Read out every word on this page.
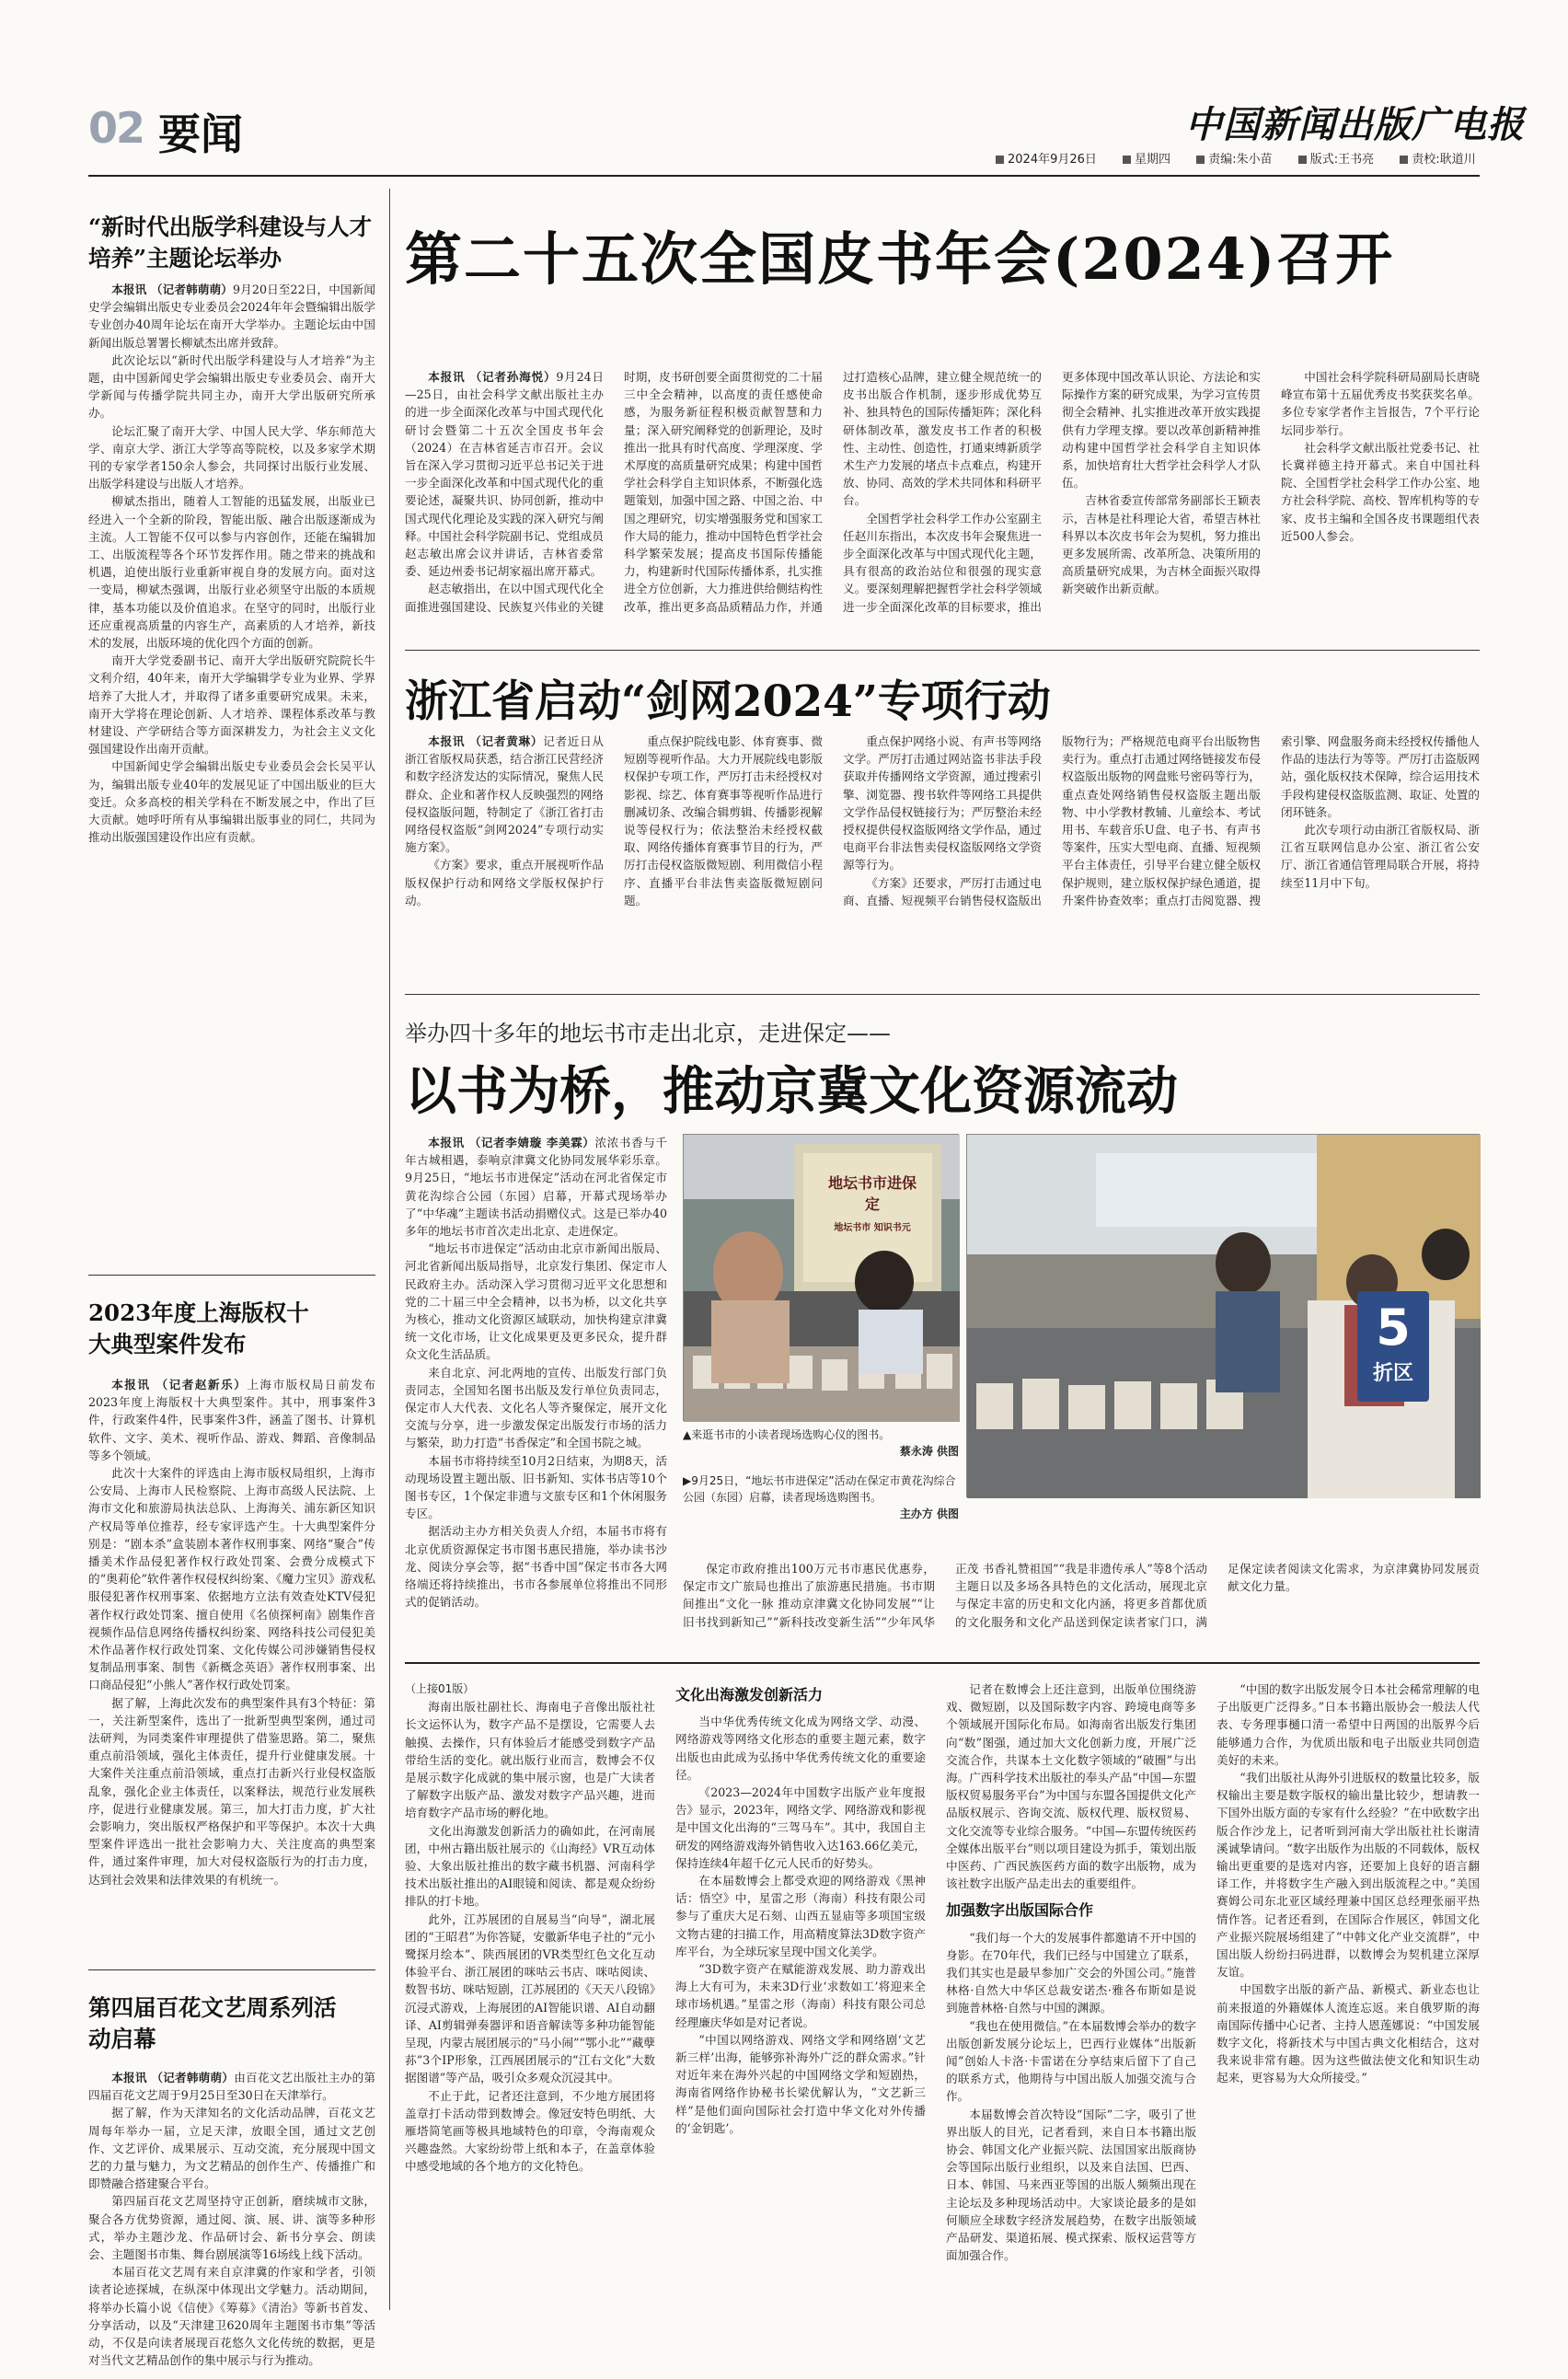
02 要闻	中国新闻出版广电报
2024年9月26日	星期四	责编:朱小苗	版式:王书亮	责校:耿道川
“新时代出版学科建设与人才培养”主题论坛举办

本报讯 （记者韩萌萌）9月20日至22日，中国新闻史学会编辑出版史专业委员会2024年年会暨编辑出版学专业创办40周年论坛在南开大学举办。主题论坛由中国新闻出版总署署长柳斌杰出席并致辞。

此次论坛以“新时代出版学科建设与人才培养”为主题，由中国新闻史学会编辑出版史专业委员会、南开大学新闻与传播学院共同主办，南开大学出版研究所承办。

论坛汇聚了南开大学、中国人民大学、华东师范大学、南京大学、浙江大学等高等院校，以及多家学术期刊的专家学者150余人参会，共同探讨出版行业发展、出版学科建设与出版人才培养。

柳斌杰指出，随着人工智能的迅猛发展，出版业已经进入一个全新的阶段，智能出版、融合出版逐渐成为主流。人工智能不仅可以参与内容创作，还能在编辑加工、出版流程等各个环节发挥作用。随之带来的挑战和机遇，迫使出版行业重新审视自身的发展方向。面对这一变局，柳斌杰强调，出版行业必须坚守出版的本质规律，基本功能以及价值追求。在坚守的同时，出版行业还应重视高质量的内容生产，高素质的人才培养，新技术的发展，出版环境的优化四个方面的创新。

南开大学党委副书记、南开大学出版研究院院长牛文利介绍，40年来，南开大学编辑学专业为业界、学界培养了大批人才，并取得了诸多重要研究成果。未来，南开大学将在理论创新、人才培养、课程体系改革与教材建设、产学研结合等方面深耕发力，为社会主义文化强国建设作出南开贡献。

中国新闻史学会编辑出版史专业委员会会长吴平认为，编辑出版专业40年的发展见证了中国出版业的巨大变迁。众多高校的相关学科在不断发展之中，作出了巨大贡献。她呼吁所有从事编辑出版事业的同仁，共同为推动出版强国建设作出应有贡献。

2023年度上海版权十大典型案件发布

本报讯 （记者赵新乐）上海市版权局日前发布2023年度上海版权十大典型案件。其中，刑事案件3件，行政案件4件，民事案件3件，涵盖了图书、计算机软件、文字、美术、视听作品、游戏、舞蹈、音像制品等多个领域。

此次十大案件的评选由上海市版权局组织，上海市公安局、上海市人民检察院、上海市高级人民法院、上海市文化和旅游局执法总队、上海海关、浦东新区知识产权局等单位推荐，经专家评选产生。十大典型案件分别是：“剧本杀”盒装剧本著作权刑事案、网络“聚合”传播美术作品侵犯著作权行政处罚案、会费分成模式下的“奥莉伦”软件著作权侵权纠纷案、《魔力宝贝》游戏私服侵犯著作权刑事案、依据地方立法有效查处KTV侵犯著作权行政处罚案、擅自使用《名侦探柯南》剧集作音视频作品信息网络传播权纠纷案、网络科技公司侵犯美术作品著作权行政处罚案、文化传媒公司涉嫌销售侵权复制品刑事案、制售《新概念英语》著作权刑事案、出口商品侵犯“小熊人”著作权行政处罚案。

据了解，上海此次发布的典型案件具有3个特征：第一，关注新型案件，选出了一批新型典型案例，通过司法研判，为同类案件审理提供了借鉴思路。第二，聚焦重点前沿领域，强化主体责任，提升行业健康发展。十大案件关注重点前沿领域，重点打击新兴行业侵权盗版乱象，强化企业主体责任，以案释法，规范行业发展秩序，促进行业健康发展。第三，加大打击力度，扩大社会影响力，突出版权严格保护和平等保护。本次十大典型案件评选出一批社会影响力大、关注度高的典型案件，通过案件审理，加大对侵权盗版行为的打击力度，达到社会效果和法律效果的有机统一。

第四届百花文艺周系列活动启幕

本报讯 （记者韩萌萌）由百花文艺出版社主办的第四届百花文艺周于9月25日至30日在天津举行。

据了解，作为天津知名的文化活动品牌，百花文艺周每年举办一届，立足天津，放眼全国，通过文艺创作、文艺评价、成果展示、互动交流，充分展现中国文艺的力量与魅力，为文艺精品的创作生产、传播推广和即赞融合搭建聚合平台。

第四届百花文艺周坚持守正创新，磨续城市文脉，聚合各方优势资源，通过阅、演、展、讲、演等多种形式，举办主题沙龙、作品研讨会、新书分享会、朗读会、主题图书市集、舞台剧展演等16场线上线下活动。

本届百花文艺周有来自京津冀的作家和学者，引领读者论迹探城，在纵深中体现出文学魅力。活动期间，将举办长篇小说《信使》《筹募》《清治》等新书首发、分享活动，以及“天津建卫620周年主题图书市集”等活动，不仅是向读者展现百花悠久文化传统的数据，更是对当代文艺精品创作的集中展示与行为推动。

第二十五次全国皮书年会(2024)召开

本报讯 （记者孙海悦）9月24日—25日，由社会科学文献出版社主办的进一步全面深化改革与中国式现代化研讨会暨第二十五次全国皮书年会（2024）在吉林省延吉市召开。会议旨在深入学习贯彻习近平总书记关于进一步全面深化改革和中国式现代化的重要论述，凝聚共识、协同创新，推动中国式现代化理论及实践的深入研究与阐释。中国社会科学院副书记、党组成员赵志敏出席会议并讲话，吉林省委常委、延边州委书记胡家福出席开幕式。

赵志敏指出，在以中国式现代化全面推进强国建设、民族复兴伟业的关键时期，皮书研创要全面贯彻党的二十届三中全会精神，以高度的责任感使命感，为服务新征程积极贡献智慧和力量；深入研究阐释党的创新理论，及时推出一批具有时代高度、学理深度、学术厚度的高质量研究成果；构建中国哲学社会科学自主知识体系，不断强化选题策划，加强中国之路、中国之治、中国之理研究，切实增强服务党和国家工作大局的能力，推动中国特色哲学社会科学繁荣发展；提高皮书国际传播能力，构建新时代国际传播体系，扎实推进全方位创新，大力推进供给侧结构性改革，推出更多高品质精品力作，并通过打造核心品牌，建立健全规范统一的皮书出版合作机制，逐步形成优势互补、独具特色的国际传播矩阵；深化科研体制改革，激发皮书工作者的积极性、主动性、创造性，打通束缚新质学术生产力发展的堵点卡点难点，构建开放、协同、高效的学术共同体和科研平台。

全国哲学社会科学工作办公室副主任赵川东指出，本次皮书年会聚焦进一步全面深化改革与中国式现代化主题，具有很高的政治站位和很强的现实意义。要深刻理解把握哲学社会科学领域进一步全面深化改革的目标要求，推出更多体现中国改革认识论、方法论和实际操作方案的研究成果，为学习宣传贯彻全会精神、扎实推进改革开放实践提供有力学理支撑。要以改革创新精神推动构建中国哲学社会科学自主知识体系，加快培育壮大哲学社会科学人才队伍。

吉林省委宣传部常务副部长王颖表示，吉林是社科理论大省，希望吉林社科界以本次皮书年会为契机，努力推出更多发展所需、改革所急、决策所用的高质量研究成果，为吉林全面振兴取得新突破作出新贡献。

中国社会科学院科研局副局长唐晓峰宣布第十五届优秀皮书奖获奖名单。多位专家学者作主旨报告，7个平行论坛同步举行。

社会科学文献出版社党委书记、社长冀祥德主持开幕式。来自中国社科院、全国哲学社会科学工作办公室、地方社会科学院、高校、智库机构等的专家、皮书主编和全国各皮书课题组代表近500人参会。

浙江省启动“剑网2024”专项行动

本报讯 （记者黄琳）记者近日从浙江省版权局获悉，结合浙江民营经济和数字经济发达的实际情况，聚焦人民群众、企业和著作权人反映强烈的网络侵权盗版问题，特制定了《浙江省打击网络侵权盗版“剑网2024”专项行动实施方案》。

《方案》要求，重点开展视听作品版权保护行动和网络文学版权保护行动。

重点保护院线电影、体育赛事、微短剧等视听作品。大力开展院线电影版权保护专项工作，严厉打击未经授权对影视、综艺、体育赛事等视听作品进行删减切条、改编合辑剪辑、传播影视解说等侵权行为；依法整治未经授权截取、网络传播体育赛事节目的行为，严厉打击侵权盗版微短剧、利用微信小程序、直播平台非法售卖盗版微短剧问题。

重点保护网络小说、有声书等网络文学。严厉打击通过网站盗书非法手段获取并传播网络文学资源，通过搜索引擎、浏览器、搜书软件等网络工具提供文学作品侵权链接行为；严厉整治未经授权提供侵权盗版网络文学作品，通过电商平台非法售卖侵权盗版网络文学资源等行为。

《方案》还要求，严厉打击通过电商、直播、短视频平台销售侵权盗版出版物行为；严格规范电商平台出版物售卖行为。重点打击通过网络链接发布侵权盗版出版物的网盘账号密码等行为，重点查处网络销售侵权盗版主题出版物、中小学教材教辅、儿童绘本、考试用书、车载音乐U盘、电子书、有声书等案件，压实大型电商、直播、短视频平台主体责任，引导平台建立健全版权保护规则，建立版权保护绿色通道，提升案件协查效率；重点打击阅览器、搜索引擎、网盘服务商未经授权传播他人作品的违法行为等等。严厉打击盗版网站，强化版权技术保障，综合运用技术手段构建侵权盗版监测、取证、处置的闭环链条。

此次专项行动由浙江省版权局、浙江省互联网信息办公室、浙江省公安厅、浙江省通信管理局联合开展，将持续至11月中下旬。

举办四十多年的地坛书市走出北京，走进保定——
以书为桥，推动京冀文化资源流动

本报讯 （记者李婧璇 李美霖）浓浓书香与千年古城相遇，泰响京津冀文化协同发展华彩乐章。9月25日，“地坛书市进保定”活动在河北省保定市黄花沟综合公园（东园）启幕，开幕式现场举办了“中华魂”主题读书活动捐赠仪式。这是已举办40多年的地坛书市首次走出北京、走进保定。

“地坛书市进保定”活动由北京市新闻出版局、河北省新闻出版局指导，北京发行集团、保定市人民政府主办。活动深入学习贯彻习近平文化思想和党的二十届三中全会精神，以书为桥，以文化共享为核心，推动文化资源区域联动，加快构建京津冀统一文化市场，让文化成果更及更多民众，提升群众文化生活品质。

来自北京、河北两地的宣传、出版发行部门负责同志，全国知名图书出版及发行单位负责同志，保定市人大代表、文化名人等齐聚保定，展开文化交流与分享，进一步激发保定出版发行市场的活力与繁荣，助力打造“书香保定”和全国书院之城。

本届书市将持续至10月2日结束，为期8天，活动现场设置主题出版、旧书新知、实体书店等10个图书专区，1个保定非遗与文旅专区和1个休闲服务专区。

据活动主办方相关负责人介绍，本届书市将有北京优质资源保定书市图书惠民措施，举办读书沙龙、阅读分享会等，据“书香中国”保定书市各大网络端还将持续推出，书市各参展单位将推出不同形式的促销活动。

地坛书市进保定
地坛书市 知识书元
5
折区
▲来逛书市的小读者现场选购心仪的图书。
蔡永涛 供图
▶9月25日，“地坛书市进保定”活动在保定市黄花沟综合公园（东园）启幕，读者现场选购图书。
主办方 供图

保定市政府推出100万元书市惠民优惠券，保定市文广旅局也推出了旅游惠民措施。书市期间推出“文化一脉 推动京津冀文化协同发展”“让旧书找到新知己”“新科技改变新生活”“少年风华正茂 书香礼赞祖国”“我是非遗传承人”等8个活动主题日以及多场各具特色的文化活动，展现北京与保定丰富的历史和文化内涵，将更多首都优质的文化服务和文化产品送到保定读者家门口，满足保定读者阅读文化需求，为京津冀协同发展贡献文化力量。

（上接01版）

海南出版社副社长、海南电子音像出版社社长文运怀认为，数字产品不是摆设，它需要人去触摸、去操作，只有体验后才能感受到数字产品带给生活的变化。就出版行业而言，数博会不仅是展示数字化成就的集中展示窗，也是广大读者了解数字出版产品、激发对数字产品兴趣，进而培育数字产品市场的孵化地。

文化出海激发创新活力的确如此，在河南展团，中州古籍出版社展示的《山海经》VR互动体验、大象出版社推出的数字藏书机器、河南科学技术出版社推出的AI眼镜和阅读、都是观众纷纷排队的打卡地。

此外，江苏展团的自展易当“向导”，湖北展团的“王昭君”为你答疑，安徽新华电子社的“元小鹭探月绘本”、陕西展团的VR类型红色文化互动体验平台、浙江展团的咪咕云书店、咪咕阅读、数智书坊、咪咕短剧，江苏展团的《天天八段锦》沉浸式游戏，上海展团的AI智能识谱、AI自动翻译、AI剪辑弹奏器评和语音解读等多种功能智能呈现，内蒙古展团展示的“马小闹”“鄂小北”“藏孽荪”3个IP形象，江西展团展示的“江右文化”大数据图谱”等产品，吸引众多观众沉浸其中。

不止于此，记者还注意到，不少地方展团将盖章打卡活动带到数博会。像冠安特色明纸、大雁塔简笔画等极具地域特色的印章，令海南观众兴趣盎然。大家纷纷带上纸和本子，在盖章体验中感受地域的各个地方的文化特色。

文化出海激发创新活力

当中华优秀传统文化成为网络文学、动漫、网络游戏等网络文化形态的重要主题元素，数字出版也由此成为弘扬中华优秀传统文化的重要途径。

《2023—2024年中国数字出版产业年度报告》显示，2023年，网络文学、网络游戏和影视是中国文化出海的“三驾马车”。其中，我国自主研发的网络游戏海外销售收入达163.66亿美元，保持连续4年超千亿元人民币的好势头。

在本届数博会上都受欢迎的网络游戏《黑神话：悟空》中，星雷之形（海南）科技有限公司参与了重庆大足石刻、山西五显庙等多项国宝级文物古建的扫描工作，用高精度算法3D数字资产库平台，为全球玩家呈现中国文化美学。

“3D数字资产在赋能游戏发展、助力游戏出海上大有可为，未来3D行业‘求数如工’将迎来全球市场机遇。”星雷之形（海南）科技有限公司总经理廉庆华如是对记者说。

“中国以网络游戏、网络文学和网络剧‘文艺新三样’出海，能够弥补海外广泛的群众需求。”针对近年来在海外兴起的中国网络文学和短剧热，海南省网络作协秘书长梁优解认为，“文艺新三样”是他们面向国际社会打造中华文化对外传播的‘金钥匙’。

记者在数博会上还注意到，出版单位围绕游戏、微短剧，以及国际数字内容、跨境电商等多个领域展开国际化布局。如海南省出版发行集团向“数”图强，通过加大文化创新力度，开展广泛交流合作，共谋本土文化数字领域的“破圈”与出海。广西科学技术出版社的奉头产品“中国—东盟版权贸易服务平台”为中国与东盟各国提供文化产品版权展示、咨询交流、版权代理、版权贸易、文化交流等专业综合服务。“中国—东盟传统医药全媒体出版平台”则以项目建设为抓手，策划出版中医药、广西民族医药方面的数字出版物，成为该社数字出版产品走出去的重要组件。

加强数字出版国际合作

“我们每一个大的发展事件都邀请不开中国的身影。在70年代，我们已经与中国建立了联系，我们其实也是最早参加广交会的外国公司。”施普林格·自然大中华区总裁安诺杰·雅各布斯如是说到施普林格·自然与中国的渊源。

“我也在使用微信。”在本届数博会举办的数字出版创新发展分论坛上，巴西行业媒体“出版新闻”创始人卡洛·卡雷诺在分享结束后留下了自己的联系方式，他期待与中国出版人加强交流与合作。

本届数博会首次特设“国际”二字，吸引了世界出版人的目光，记者看到，来自日本书籍出版协会、韩国文化产业振兴院、法国国家出版商协会等国际出版行业组织，以及来自法国、巴西、日本、韩国、马来西亚等国的出版人频频出现在主论坛及多种现场活动中。大家谈论最多的是如何顺应全球数字经济发展趋势，在数字出版领域产品研发、渠道拓展、模式探索、版权运营等方面加强合作。

“中国的数字出版发展令日本社会稀常理解的电子出版更广泛得多。”日本书籍出版协会一般法人代表、专务理事樋口清一希望中日两国的出版界今后能够通力合作，为优质出版和电子出版业共同创造美好的未来。

“我们出版社从海外引进版权的数量比较多，版权输出主要是数字版权的输出量比较少，想请教一下国外出版方面的专家有什么经验？”在中欧数字出版合作沙龙上，记者听到河南大学出版社社长谢清溪诚挚请问。“数字出版作为出版的不同载体，版权输出更重要的是选对内容，还要加上良好的语言翻译工作，并将数字生产融入到出版流程之中。”美国赛姆公司东北亚区域经理兼中国区总经理张丽平热情作答。记者还看到，在国际合作展区，韩国文化产业振兴院展场组建了“中韩文化产业交流群”，中国出版人纷纷扫码进群，以数博会为契机建立深厚友谊。

中国数字出版的新产品、新模式、新业态也让前来报道的外籍媒体人流连忘返。来自俄罗斯的海南国际传播中心记者、主持人恩莲娜说：“中国发展数字文化，将新技术与中国古典文化相结合，这对我来说非常有趣。因为这些做法使文化和知识生动起来，更容易为大众所接受。”
